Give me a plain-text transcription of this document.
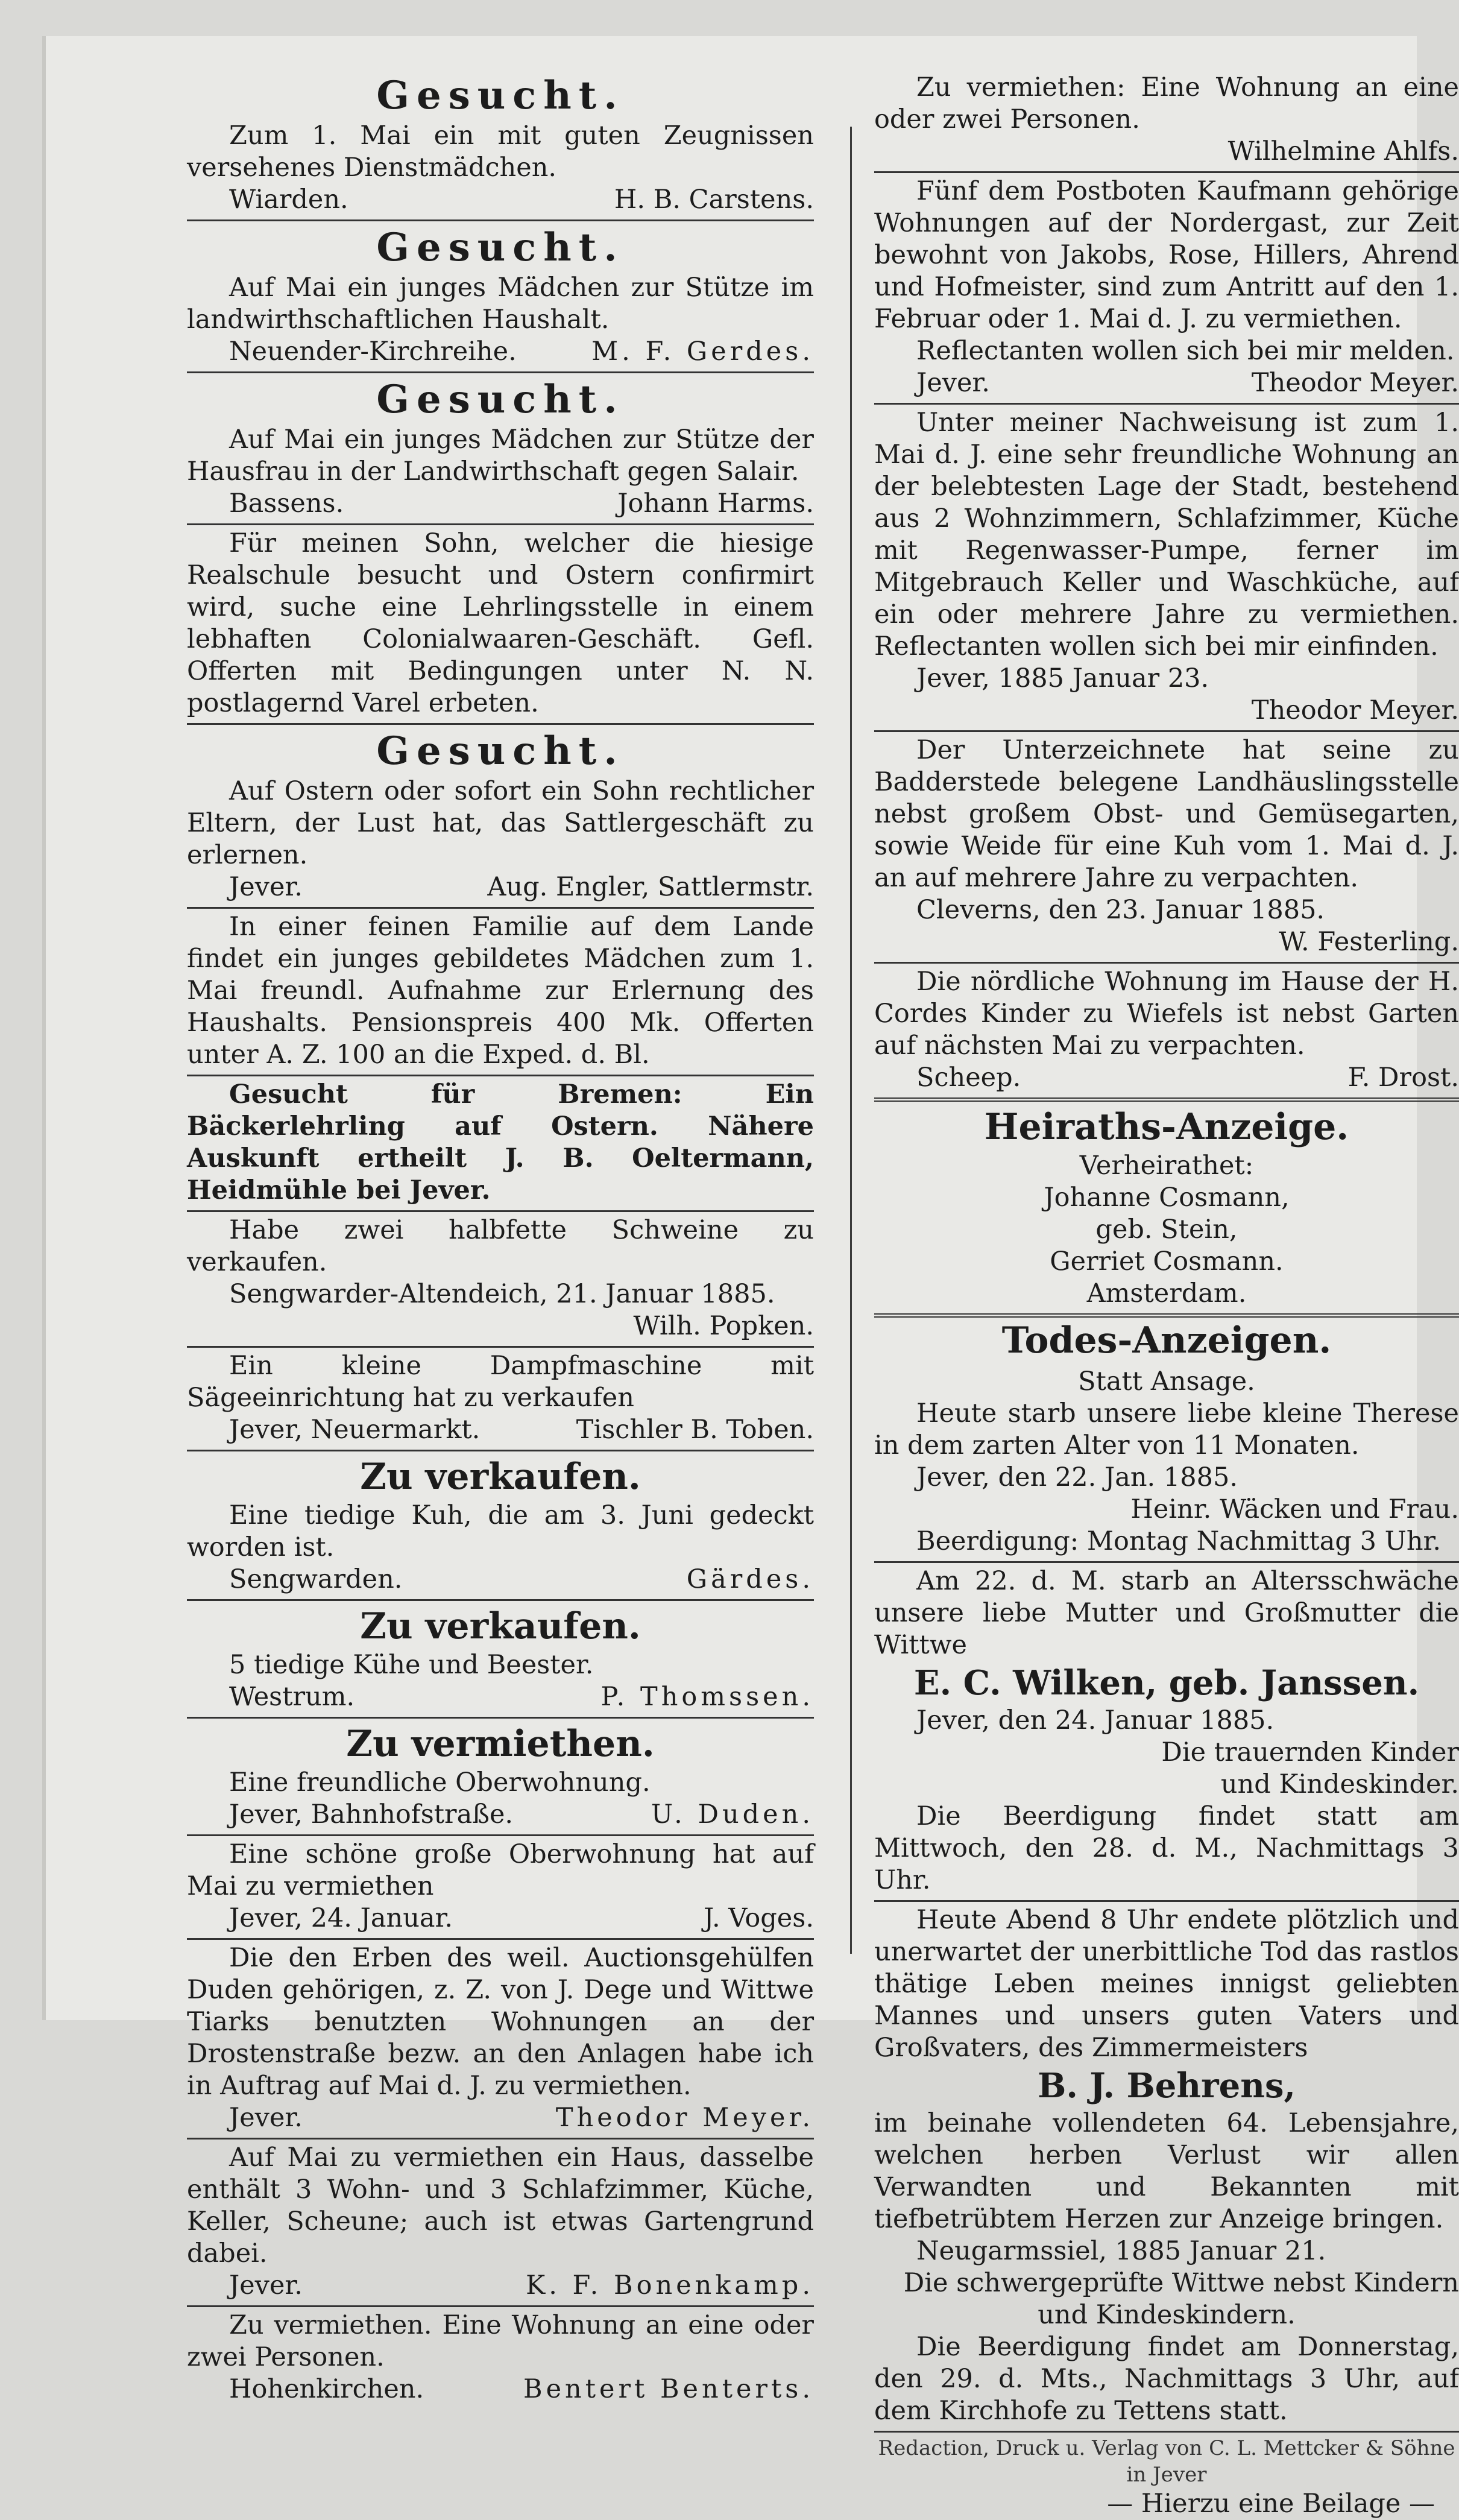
Gesucht.

Zum 1. Mai ein mit guten Zeugnissen versehenes Dienstmädchen.

Wiarden.	H. B. Carstens.
Gesucht.

Auf Mai ein junges Mädchen zur Stütze im landwirthschaftlichen Haushalt.

Neuender-Kirchreihe.	M. F. Gerdes.
Gesucht.

Auf Mai ein junges Mädchen zur Stütze der Hausfrau in der Landwirthschaft gegen Salair.

Bassens.	Johann Harms.

Für meinen Sohn, welcher die hiesige Realschule besucht und Ostern confirmirt wird, suche eine Lehrlingsstelle in einem lebhaften Colonialwaaren-Geschäft. Gefl. Offerten mit Bedingungen unter N. N. postlagernd Varel erbeten.

Gesucht.

Auf Ostern oder sofort ein Sohn rechtlicher Eltern, der Lust hat, das Sattlergeschäft zu erlernen.

Jever.	Aug. Engler, Sattlermstr.

In einer feinen Familie auf dem Lande findet ein junges gebildetes Mädchen zum 1. Mai freundl. Aufnahme zur Erlernung des Haushalts. Pensionspreis 400 Mk. Offerten unter A. Z. 100 an die Exped. d. Bl.

Gesucht für Bremen: Ein Bäckerlehrling auf Ostern. Nähere Auskunft ertheilt J. B. Oeltermann, Heidmühle bei Jever.

Habe zwei halbfette Schweine zu verkaufen.

Sengwarder-Altendeich, 21. Januar 1885.

Wilh. Popken.

Ein kleine Dampfmaschine mit Sägeeinrichtung hat zu verkaufen

Jever, Neuermarkt.	Tischler B. Toben.
Zu verkaufen.

Eine tiedige Kuh, die am 3. Juni gedeckt worden ist.

Sengwarden.	Gärdes.
Zu verkaufen.

5 tiedige Kühe und Beester.

Westrum.	P. Thomssen.
Zu vermiethen.

Eine freundliche Oberwohnung.

Jever, Bahnhofstraße.	U. Duden.

Eine schöne große Oberwohnung hat auf Mai zu vermiethen

Jever, 24. Januar.	J. Voges.

Die den Erben des weil. Auctionsgehülfen Duden gehörigen, z. Z. von J. Dege und Wittwe Tiarks benutzten Wohnungen an der Drostenstraße bezw. an den Anlagen habe ich in Auftrag auf Mai d. J. zu vermiethen.

Jever.	Theodor Meyer.

Auf Mai zu vermiethen ein Haus, dasselbe enthält 3 Wohn- und 3 Schlafzimmer, Küche, Keller, Scheune; auch ist etwas Gartengrund dabei.

Jever.	K. F. Bonenkamp.

Zu vermiethen. Eine Wohnung an eine oder zwei Personen.

Hohenkirchen.	Bentert Benterts.

Zu vermiethen: Eine Wohnung an eine oder zwei Personen.

Wilhelmine Ahlfs.

Fünf dem Postboten Kaufmann gehörige Wohnungen auf der Nordergast, zur Zeit bewohnt von Jakobs, Rose, Hillers, Ahrend und Hofmeister, sind zum Antritt auf den 1. Februar oder 1. Mai d. J. zu vermiethen.

Reflectanten wollen sich bei mir melden.

Jever.	Theodor Meyer.

Unter meiner Nachweisung ist zum 1. Mai d. J. eine sehr freundliche Wohnung an der belebtesten Lage der Stadt, bestehend aus 2 Wohnzimmern, Schlafzimmer, Küche mit Regenwasser-Pumpe, ferner im Mitgebrauch Keller und Waschküche, auf ein oder mehrere Jahre zu vermiethen. Reflectanten wollen sich bei mir einfinden.

Jever, 1885 Januar 23.

Theodor Meyer.

Der Unterzeichnete hat seine zu Badderstede belegene Landhäuslingsstelle nebst großem Obst- und Gemüsegarten, sowie Weide für eine Kuh vom 1. Mai d. J. an auf mehrere Jahre zu verpachten.

Cleverns, den 23. Januar 1885.

W. Festerling.

Die nördliche Wohnung im Hause der H. Cordes Kinder zu Wiefels ist nebst Garten auf nächsten Mai zu verpachten.

Scheep.	F. Drost.
Heiraths-Anzeige.

Verheirathet:

Johanne Cosmann,

geb. Stein,

Gerriet Cosmann.

Amsterdam.

Todes-Anzeigen.

Statt Ansage.

Heute starb unsere liebe kleine Therese in dem zarten Alter von 11 Monaten.

Jever, den 22. Jan. 1885.

Heinr. Wäcken und Frau.

Beerdigung: Montag Nachmittag 3 Uhr.

Am 22. d. M. starb an Altersschwäche unsere liebe Mutter und Großmutter die Wittwe

E. C. Wilken, geb. Janssen.

Jever, den 24. Januar 1885.

Die trauernden Kinder

und Kindeskinder.

Die Beerdigung findet statt am Mittwoch, den 28. d. M., Nachmittags 3 Uhr.

Heute Abend 8 Uhr endete plötzlich und unerwartet der unerbittliche Tod das rastlos thätige Leben meines innigst geliebten Mannes und unsers guten Vaters und Großvaters, des Zimmermeisters

B. J. Behrens,

im beinahe vollendeten 64. Lebensjahre, welchen herben Verlust wir allen Verwandten und Bekannten mit tiefbetrübtem Herzen zur Anzeige bringen.

Neugarmssiel, 1885 Januar 21.

Die schwergeprüfte Wittwe nebst Kindern

und Kindeskindern.

Die Beerdigung findet am Donnerstag, den 29. d. Mts., Nachmittags 3 Uhr, auf dem Kirchhofe zu Tettens statt.

Redaction, Druck u. Verlag von C. L. Mettcker & Söhne in Jever
— Hierzu eine Beilage —
